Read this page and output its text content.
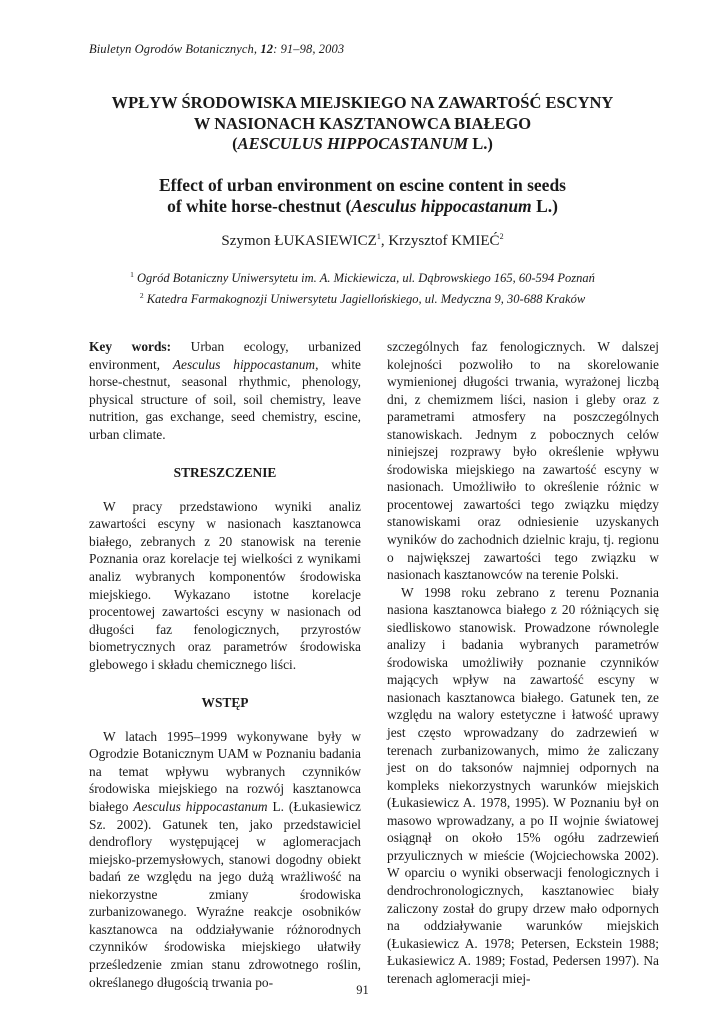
Biuletyn Ogrodów Botanicznych, 12: 91–98, 2003
WPŁYW ŚRODOWISKA MIEJSKIEGO NA ZAWARTOŚĆ ESCYNY
W NASIONACH KASZTANOWCA BIAŁEGO
(AESCULUS HIPPOCASTANUM L.)
Effect of urban environment on escine content in seeds
of white horse-chestnut (Aesculus hippocastanum L.)
Szymon ŁUKASIEWICZ$^1$, Krzysztof KMIEĆ$^2$
$^1$ Ogród Botaniczny Uniwersytetu im. A. Mickiewicza, ul. Dąbrowskiego 165, 60-594 Poznań
$^2$ Katedra Farmakognozji Uniwersytetu Jagiellońskiego, ul. Medyczna 9, 30-688 Kraków

Key words: Urban ecology, urbanized environment, Aesculus hippocastanum, white horse-chestnut, seasonal rhythmic, phenology, physical structure of soil, soil chemistry, leave nutrition, gas exchange, seed chemistry, escine, urban climate.

STRESZCZENIE

W pracy przedstawiono wyniki analiz zawartości escyny w nasionach kasztanowca białego, zebranych z 20 stanowisk na terenie Poznania oraz korelacje tej wielkości z wynikami analiz wybranych komponentów środowiska miejskiego. Wykazano istotne korelacje procentowej zawartości escyny w nasionach od długości faz fenologicznych, przyrostów biometrycznych oraz parametrów środowiska glebowego i składu chemicznego liści.

WSTĘP

W latach 1995–1999 wykonywane były w Ogrodzie Botanicznym UAM w Poznaniu badania na temat wpływu wybranych czynników środowiska miejskiego na rozwój kasztanowca białego Aesculus hippocastanum L. (Łukasiewicz Sz. 2002). Gatunek ten, jako przedstawiciel dendroflory występującej w aglomeracjach miejsko-przemysłowych, stanowi dogodny obiekt badań ze względu na jego dużą wrażliwość na niekorzystne zmiany środowiska zurbanizowanego. Wyraźne reakcje osobników kasztanowca na oddziaływanie różnorodnych czynników środowiska miejskiego ułatwiły prześledzenie zmian stanu zdrowotnego roślin, określanego długością trwania po-

szczególnych faz fenologicznych. W dalszej kolejności pozwoliło to na skorelowanie wymienionej długości trwania, wyrażonej liczbą dni, z chemizmem liści, nasion i gleby oraz z parametrami atmosfery na poszczególnych stanowiskach. Jednym z pobocznych celów niniejszej rozprawy było określenie wpływu środowiska miejskiego na zawartość escyny w nasionach. Umożliwiło to określenie różnic w procentowej zawartości tego związku między stanowiskami oraz odniesienie uzyskanych wyników do zachodnich dzielnic kraju, tj. regionu o największej zawartości tego związku w nasionach kasztanowców na terenie Polski.

W 1998 roku zebrano z terenu Poznania nasiona kasztanowca białego z 20 różniących się siedliskowo stanowisk. Prowadzone równolegle analizy i badania wybranych parametrów środowiska umożliwiły poznanie czynników mających wpływ na zawartość escyny w nasionach kasztanowca białego. Gatunek ten, ze względu na walory estetyczne i łatwość uprawy jest często wprowadzany do zadrzewień w terenach zurbanizowanych, mimo że zaliczany jest on do taksonów najmniej odpornych na kompleks niekorzystnych warunków miejskich (Łukasiewicz A. 1978, 1995). W Poznaniu był on masowo wprowadzany, a po II wojnie światowej osiągnął on około 15% ogółu zadrzewień przyulicznych w mieście (Wojciechowska 2002). W oparciu o wyniki obserwacji fenologicznych i dendrochronologicznych, kasztanowiec biały zaliczony został do grupy drzew mało odpornych na oddziaływanie warunków miejskich (Łukasiewicz A. 1978; Petersen, Eckstein 1988; Łukasiewicz A. 1989; Fostad, Pedersen 1997). Na terenach aglomeracji miej-

91
